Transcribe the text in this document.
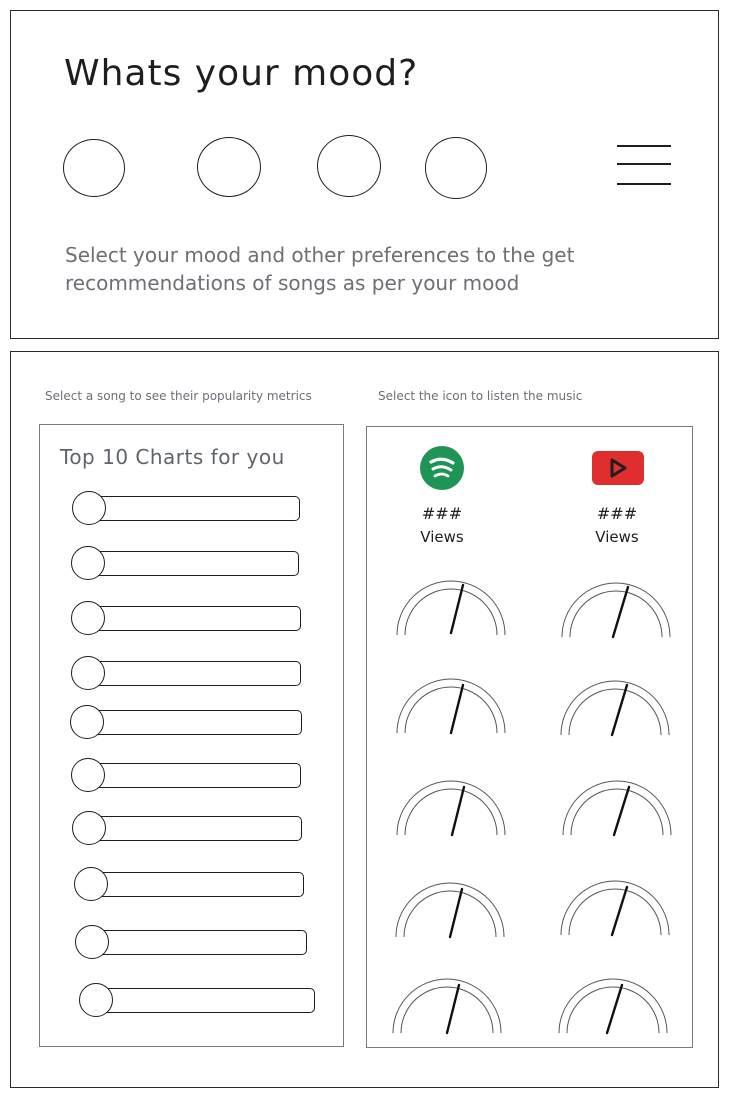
Whats your mood?
Select your mood and other preferences to the get recommendations of songs as per your mood
Select a song to see their popularity metrics	Select the icon to listen the music
Top 10 Charts for you
###
Views
###
Views
